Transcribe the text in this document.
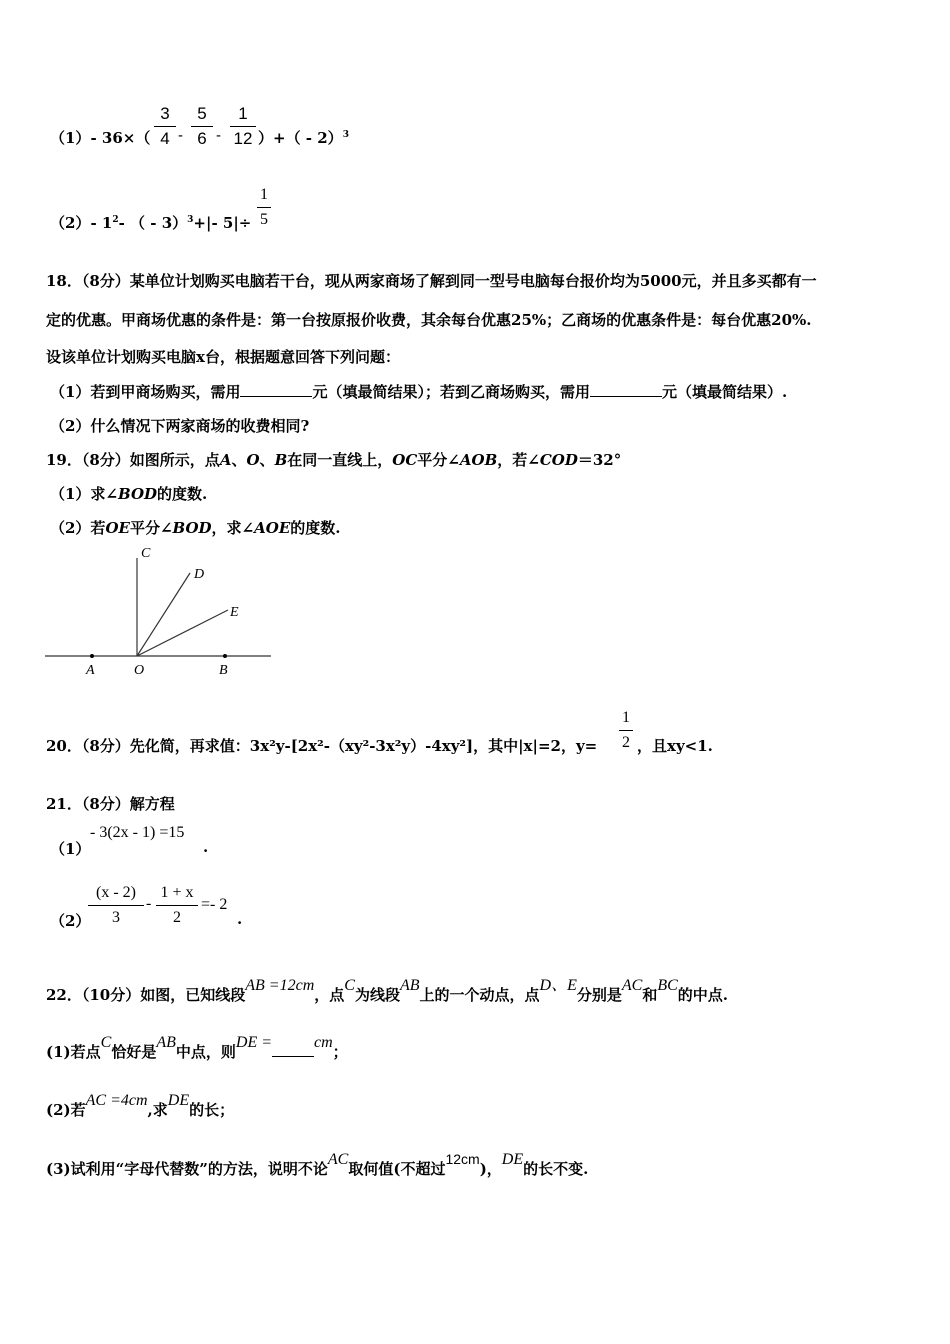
（1）- 36×（
3
4 -
5
6 -
1
12 ）+（ - 2）$^3$
（2）- $1^2-$ （ - 3）$^3$+|- 5|÷
1
5
18．（8分）某单位计划购买电脑若干台，现从两家商场了解到同一型号电脑每台报价均为5000元，并且多买都有一
定的优惠。甲商场优惠的条件是：第一台按原报价收费，其余每台优惠25%；乙商场的优惠条件是：每台优惠20%.
设该单位计划购买电脑x台，根据题意回答下列问题：
（1）若到甲商场购买，需用	元（填最简结果）；若到乙商场购买，需用	元（填最简结果）.
（2）什么情况下两家商场的收费相同?
19．（8分）如图所示，点A、O、B在同一直线上，OC平分∠AOB，若∠COD＝32°
（1）求∠BOD的度数.
（2）若OE平分∠BOD，求∠AOE的度数.
C
D
E
A	O	B
20．（8分）先化简，再求值：3x²y-[2x²-（xy²-3x²y）-4xy²]，其中|x|=2，y=
1
2 ，且xy<1.
21．（8分）解方程
（1）
- 3(2x - 1) =15
.
（2）
(x - 2)
3
-
1 + x
2
=- 2
.
22．（10分）如图，已知线段AB =12cm，点C为线段AB上的一个动点，点D、E分别是AC和BC的中点.
(1)若点C恰好是AB中点，则DE =	cm；
(2)若AC =4cm,求DE的长；
(3)试利用“字母代替数”的方法，说明不论AC取何值(不超过12cm)，DE的长不变.
